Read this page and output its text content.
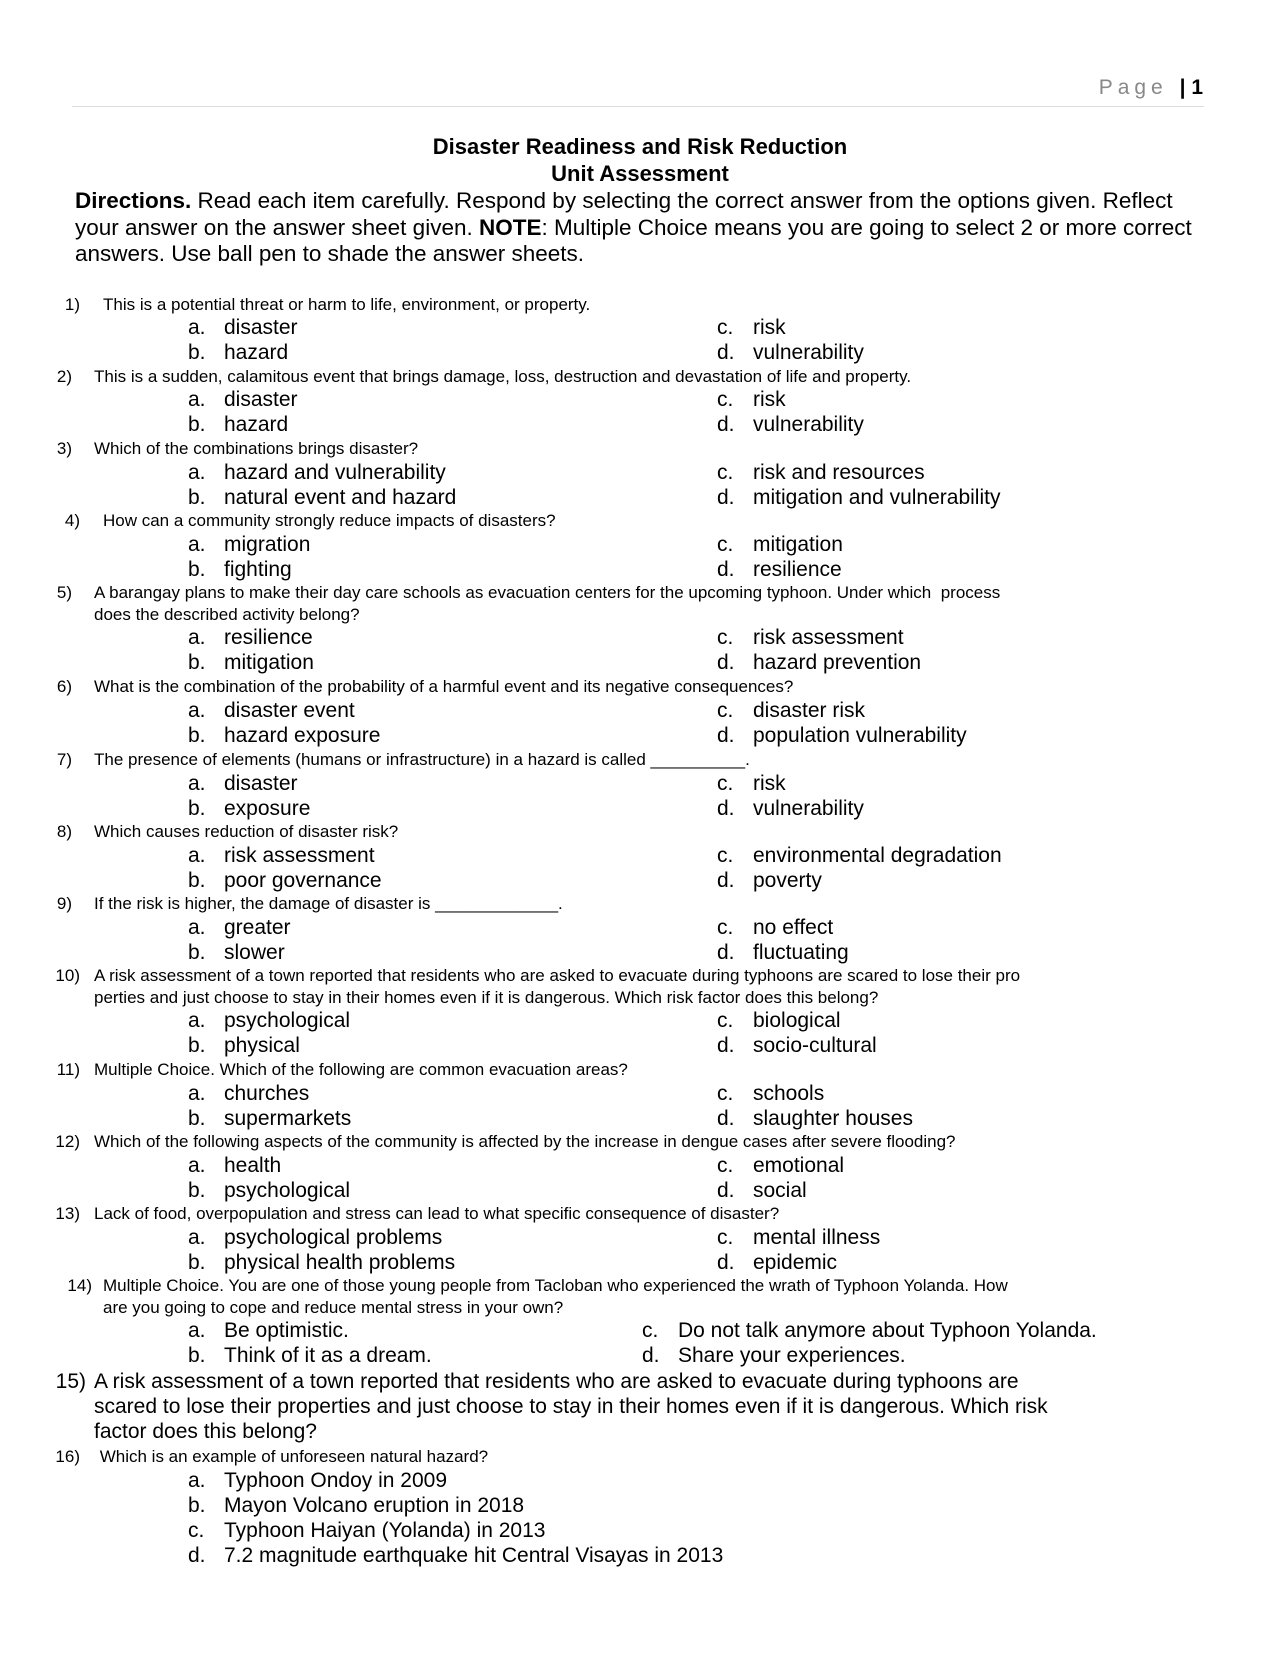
Page | 1
Disaster Readiness and Risk Reduction
Unit Assessment
Directions. Read each item carefully. Respond by selecting the correct answer from the options given. Reflect your answer on the answer sheet given. NOTE: Multiple Choice means you are going to select 2 or more correct answers. Use ball pen to shade the answer sheets.
1) This is a potential threat or harm to life, environment, or property.
a. disaster
b. hazard
c. risk
d. vulnerability
2) This is a sudden, calamitous event that brings damage, loss, destruction and devastation of life and property.
a. disaster
b. hazard
c. risk
d. vulnerability
3) Which of the combinations brings disaster?
a. hazard and vulnerability
b. natural event and hazard
c. risk and resources
d. mitigation and vulnerability
4) How can a community strongly reduce impacts of disasters?
a. migration
b. fighting
c. mitigation
d. resilience
5) A barangay plans to make their day care schools as evacuation centers for the upcoming typhoon. Under which  process
does the described activity belong?
a. resilience
b. mitigation
c. risk assessment
d. hazard prevention
6) What is the combination of the probability of a harmful event and its negative consequences?
a. disaster event
b. hazard exposure
c. disaster risk
d. population vulnerability
7) The presence of elements (humans or infrastructure) in a hazard is called __________.
a. disaster
b. exposure
c. risk
d. vulnerability
8) Which causes reduction of disaster risk?
a. risk assessment
b. poor governance
c. environmental degradation
d. poverty
9) If the risk is higher, the damage of disaster is _____________.
a. greater
b. slower
c. no effect
d. fluctuating
10) A risk assessment of a town reported that residents who are asked to evacuate during typhoons are scared to lose their pro
perties and just choose to stay in their homes even if it is dangerous. Which risk factor does this belong?
a. psychological
b. physical
c. biological
d. socio-cultural
11) Multiple Choice. Which of the following are common evacuation areas?
a. churches
b. supermarkets
c. schools
d. slaughter houses
12) Which of the following aspects of the community is affected by the increase in dengue cases after severe flooding?
a. health
b. psychological
c. emotional
d. social
13) Lack of food, overpopulation and stress can lead to what specific consequence of disaster?
a. psychological problems
b. physical health problems
c. mental illness
d. epidemic
14) Multiple Choice. You are one of those young people from Tacloban who experienced the wrath of Typhoon Yolanda. How
are you going to cope and reduce mental stress in your own?
a. Be optimistic.
b. Think of it as a dream.
c. Do not talk anymore about Typhoon Yolanda.
d. Share your experiences.
15) A risk assessment of a town reported that residents who are asked to evacuate during typhoons are
scared to lose their properties and just choose to stay in their homes even if it is dangerous. Which risk
factor does this belong?
16) Which is an example of unforeseen natural hazard?
a. Typhoon Ondoy in 2009
b. Mayon Volcano eruption in 2018
c. Typhoon Haiyan (Yolanda) in 2013
d. 7.2 magnitude earthquake hit Central Visayas in 2013
